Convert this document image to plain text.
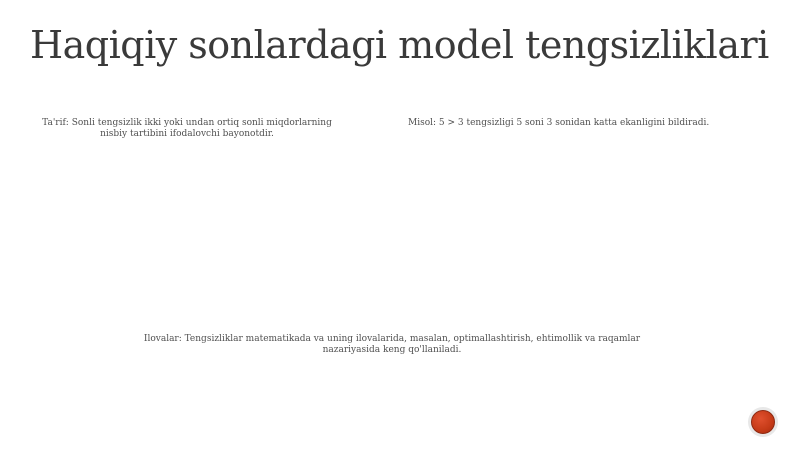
Haqiqiy sonlardagi model tengsizliklari
Ta'rif: Sonli tengsizlik ikki yoki undan ortiq sonli miqdorlarning nisbiy tartibini ifodalovchi bayonotdir.
Misol: 5 > 3 tengsizligi 5 soni 3 sonidan katta ekanligini bildiradi.
Ilovalar: Tengsizliklar matematikada va uning ilovalarida, masalan, optimallashtirish, ehtimollik va raqamlar nazariyasida keng qo'llaniladi.
